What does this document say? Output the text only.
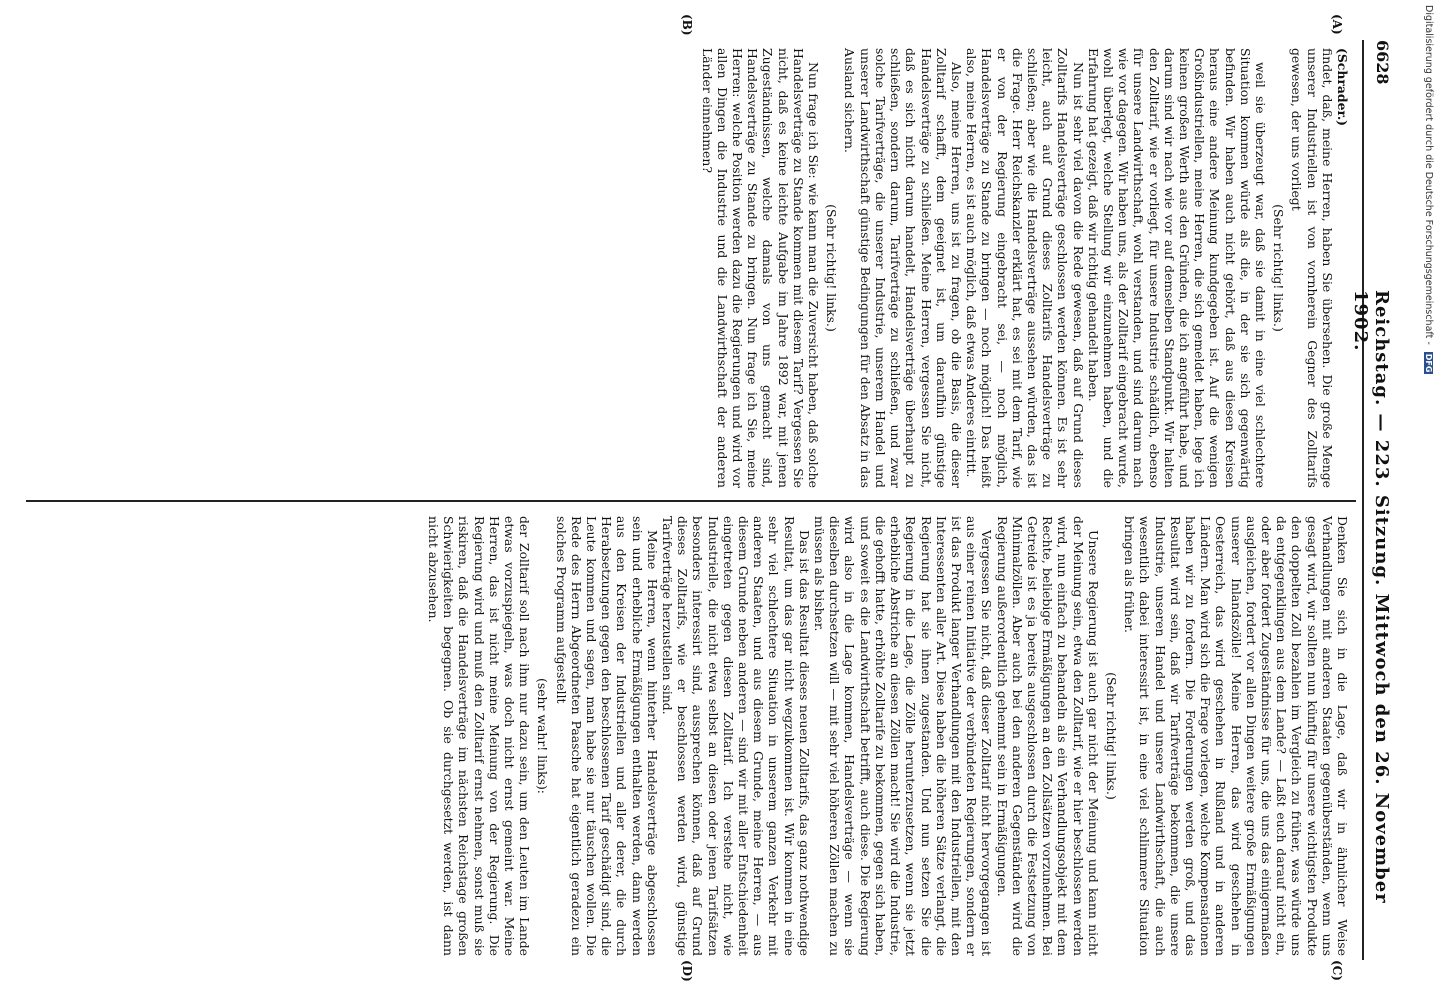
6628
Reichstag. — 223. Sitzung. Mittwoch den 26. November 1902.
(A)
(B)
(C)
(D)

(Schrader.)

findet, daß, meine Herren, haben Sie übersehen. Die große Menge unserer Industriellen ist von vornherein Gegner des Zolltarifs gewesen, der uns vorliegt

(Sehr richtig! links.)

weil sie überzeugt war, daß sie damit in eine viel schlechtere Situation kommen würde als die, in der sie sich gegenwärtig befinden. Wir haben auch nicht gehört, daß aus diesen Kreisen heraus eine andere Meinung kundgegeben ist. Auf die wenigen Großindustriellen, meine Herren, die sich gemeldet haben, lege ich keinen großen Werth aus den Gründen, die ich angeführt habe, und darum sind wir nach wie vor auf demselben Standpunkt. Wir halten den Zolltarif, wie er vorliegt, für unsere Industrie schädlich, ebenso für unsere Landwirthschaft, wohl verstanden, und sind darum nach wie vor dagegen. Wir haben uns, als der Zolltarif eingebracht wurde, wohl überlegt, welche Stellung wir einzunehmen haben, und die Erfahrung hat gezeigt, daß wir richtig gehandelt haben.

Nun ist sehr viel davon die Rede gewesen, daß auf Grund dieses Zolltarifs Handelsverträge geschlossen werden können. Es ist sehr leicht, auch auf Grund dieses Zolltarifs Handelsverträge zu schließen; aber wie die Handelsverträge aussehen würden, das ist die Frage. Herr Reichskanzler erklärt hat, es sei mit dem Tarif, wie er von der Regierung eingebracht sei, — noch möglich, Handelsverträge zu Stande zu bringen — noch möglich! Das heißt also, meine Herren, es ist auch möglich, daß etwas Anderes eintritt.

Also, meine Herren, uns ist zu fragen, ob die Basis, die dieser Zolltarif schafft, dem geeignet ist, um daraufhin günstige Handelsverträge zu schließen. Meine Herren, vergessen Sie nicht, daß es sich nicht darum handelt, Handelsverträge überhaupt zu schließen, sondern darum, Tarifverträge zu schließen, und zwar solche Tarifverträge, die unserer Industrie, unserem Handel und unserer Landwirthschaft günstige Bedingungen für den Absatz in das Ausland sichern.

(Sehr richtig! links.)

Nun frage ich Sie: wie kann man die Zuversicht haben, daß solche Handelsverträge zu Stande kommen mit diesem Tarif? Vergessen Sie nicht, daß es keine leichte Aufgabe im Jahre 1892 war, mit jenen Zugeständnissen, welche damals von uns gemacht sind, Handelsverträge zu Stande zu bringen. Nun frage ich Sie, meine Herren: welche Position werden dazu die Regierungen und wird vor allen Dingen die Industrie und die Landwirthschaft der anderen Länder einnehmen?

Denken Sie sich in die Lage, daß wir in ähnlicher Weise Verhandlungen mit anderen Staaten gegenüberständen, wenn uns gesagt wird, wir sollten nun künftig für unsere wichtigsten Produkte den doppelten Zoll bezahlen im Vergleich zu früher, was würde uns da entgegenklingen aus dem Lande? — Laßt euch darauf nicht ein, oder aber fordert Zugeständnisse für uns, die uns das einigermaßen ausgleichen, fordert vor allen Dingen weitere große Ermäßigungen unserer Inlandszölle! Meine Herren, das wird geschehen in Oesterreich, das wird geschehen in Rußland und in anderen Ländern. Man wird sich die Frage vorlegen, welche Kompensationen haben wir zu fordern. Die Forderungen werden groß, und das Resultat wird sein, daß wir Tarifverträge bekommen, die unsere Industrie, unseren Handel und unsere Landwirthschaft, die auch wesentlich dabei interessirt ist, in eine viel schlimmere Situation bringen als früher.

(Sehr richtig! links.)

Unsere Regierung ist auch gar nicht der Meinung und kann nicht der Meinung sein, etwa den Zolltarif, wie er hier beschlossen werden wird, nun einfach zu behandeln als ein Verhandlungsobjekt mit dem Rechte, beliebige Ermäßigungen an den Zollsätzen vorzunehmen. Bei Getreide ist es ja bereits ausgeschlossen durch die Festsetzung von Minimalzöllen. Aber auch bei den anderen Gegenständen wird die Regierung außerordentlich gehemmt sein in Ermäßigungen.

Vergessen Sie nicht, daß dieser Zolltarif nicht hervorgegangen ist aus einer reinen Initiative der verbündeten Regierungen, sondern er ist das Produkt langer Verhandlungen mit den Industriellen, mit den Interessenten aller Art. Diese haben die höheren Sätze verlangt, die Regierung hat sie ihnen zugestanden. Und nun setzen Sie die Regierung in die Lage, die Zölle herunterzusetzen, wenn sie jetzt erhebliche Abstriche an diesen Zöllen macht! Sie wird die Industrie, die gehofft hatte, erhöhte Zolltarife zu bekommen, gegen sich haben, und soweit es die Landwirthschaft betrifft, auch diese. Die Regierung wird also in die Lage kommen, Handelsverträge — wenn sie dieselben durchsetzen will — mit sehr viel höheren Zöllen machen zu müssen als bisher.

Das ist das Resultat dieses neuen Zolltarifs, das ganz nothwendige Resultat, um das gar nicht wegzukommen ist. Wir kommen in eine sehr viel schlechtere Situation in unserem ganzen Verkehr mit anderen Staaten, und aus diesem Grunde, meine Herren, — aus diesem Grunde neben anderen — sind wir mit aller Entschiedenheit eingetreten gegen diesen Zolltarif. Ich verstehe nicht, wie Industrielle, die nicht etwa selbst an diesen oder jenen Tarifsätzen besonders interessirt sind, aussprechen können, daß auf Grund dieses Zolltarifs, wie er beschlossen werden wird, günstige Tarifverträge herzustellen sind.

Meine Herren, wenn hinterher Handelsverträge abgeschlossen sein und erhebliche Ermäßigungen enthalten werden, dann werden aus den Kreisen der Industriellen und aller derer, die durch Herabsetzungen gegen den beschlossenen Tarif geschädigt sind, die Leute kommen und sagen, man habe sie nur täuschen wollen. Die Rede des Herrn Abgeordneten Paasche hat eigentlich geradezu ein solches Programm aufgestellt

(sehr wahr! links):

der Zolltarif soll nach ihm nur dazu sein, um den Leuten im Lande etwas vorzuspiegeln, was doch nicht ernst gemeint war. Meine Herren, das ist nicht meine Meinung von der Regierung. Die Regierung wird und muß den Zolltarif ernst nehmen, sonst muß sie riskiren, daß die Handelsverträge im nächsten Reichstage großen Schwierigkeiten begegnen. Ob sie durchgesetzt werden, ist dann nicht abzusehen.

Digitalisierung gefördert durch die Deutsche Forschungsgemeinschaft - DFG
